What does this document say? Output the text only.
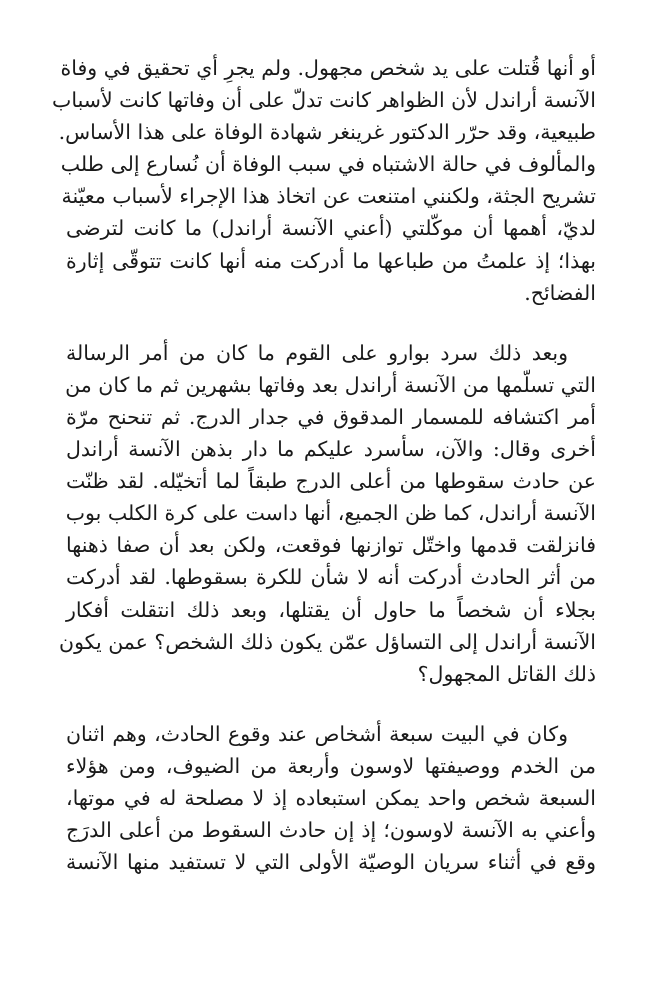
أو أنها قُتلت على يد شخص مجهول. ولم يجرِ أي تحقيق في وفاة
الآنسة أراندل لأن الظواهر كانت تدلّ على أن وفاتها كانت لأسباب
طبيعية، وقد حرّر الدكتور غرينغر شهادة الوفاة على هذا الأساس.
والمألوف في حالة الاشتباه في سبب الوفاة أن نُسارع إلى طلب
تشريح الجثة، ولكنني امتنعت عن اتخاذ هذا الإجراء لأسباب معيّنة
لديّ، أهمها أن موكّلتي (أعني الآنسة أراندل) ما كانت لترضى
بهذا؛ إذ علمتُ من طباعها ما أدركت منه أنها كانت تتوقّى إثارة
الفضائح.
وبعد ذلك سرد بوارو على القوم ما كان من أمر الرسالة
التي تسلّمها من الآنسة أراندل بعد وفاتها بشهرين ثم ما كان من
أمر اكتشافه للمسمار المدقوق في جدار الدرج. ثم تنحنح مرّة
أخرى وقال: والآن، سأسرد عليكم ما دار بذهن الآنسة أراندل
عن حادث سقوطها من أعلى الدرج طبقاً لما أتخيّله. لقد ظنّت
الآنسة أراندل، كما ظن الجميع، أنها داست على كرة الكلب بوب
فانزلقت قدمها واختّل توازنها فوقعت، ولكن بعد أن صفا ذهنها
من أثر الحادث أدركت أنه لا شأن للكرة بسقوطها. لقد أدركت
بجلاء أن شخصاً ما حاول أن يقتلها، وبعد ذلك انتقلت أفكار
الآنسة أراندل إلى التساؤل عمّن يكون ذلك الشخص؟ عمن يكون
ذلك القاتل المجهول؟
وكان في البيت سبعة أشخاص عند وقوع الحادث، وهم اثنان
من الخدم ووصيفتها لاوسون وأربعة من الضيوف، ومن هؤلاء
السبعة شخص واحد يمكن استبعاده إذ لا مصلحة له في موتها،
وأعني به الآنسة لاوسون؛ إذ إن حادث السقوط من أعلى الدرَج
وقع في أثناء سريان الوصيّة الأولى التي لا تستفيد منها الآنسة
